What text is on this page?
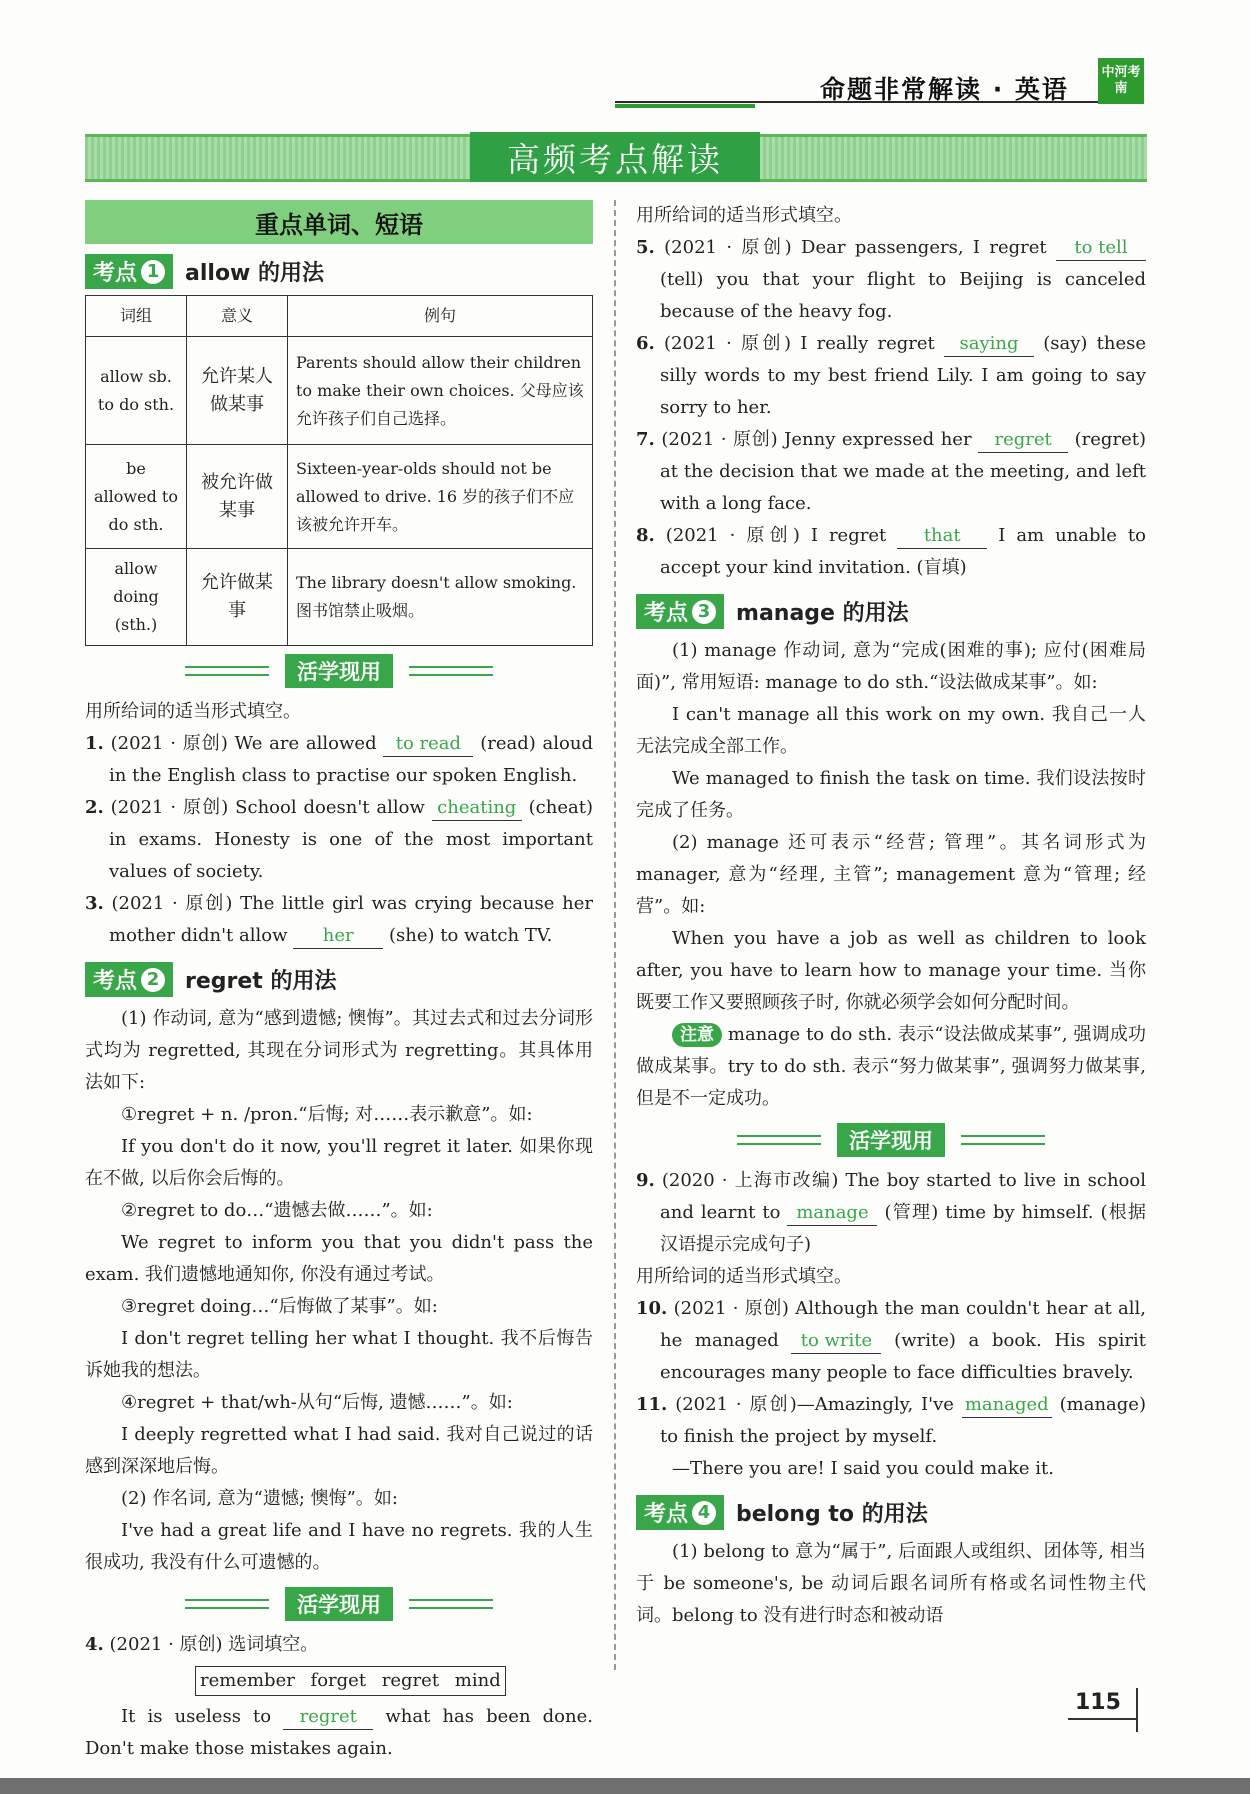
命题非常解读 · 英语
中河考南
高频考点解读
重点单词、短语
考点 1 allow 的用法
词组	意义	例句
allow sb. to do sth.	允许某人做某事	Parents should allow their children to make their own choices. 父母应该允许孩子们自己选择。
be allowed to do sth.	被允许做某事	Sixteen-year-olds should not be allowed to drive. 16 岁的孩子们不应该被允许开车。
allow doing (sth.)	允许做某事	The library doesn't allow smoking. 图书馆禁止吸烟。
活学现用

用所给词的适当形式填空。

1. (2021 · 原创) We are allowed to read (read) aloud in the English class to practise our spoken English.

2. (2021 · 原创) School doesn't allow cheating (cheat) in exams. Honesty is one of the most important values of society.

3. (2021 · 原创) The little girl was crying because her mother didn't allow her (she) to watch TV.

考点 2 regret 的用法

(1) 作动词, 意为“感到遗憾; 懊悔”。其过去式和过去分词形式均为 regretted, 其现在分词形式为 regretting。其具体用法如下:

①regret + n. /pron.“后悔; 对……表示歉意”。如:

If you don't do it now, you'll regret it later. 如果你现在不做, 以后你会后悔的。

②regret to do…“遗憾去做……”。如:

We regret to inform you that you didn't pass the exam. 我们遗憾地通知你, 你没有通过考试。

③regret doing…“后悔做了某事”。如:

I don't regret telling her what I thought. 我不后悔告诉她我的想法。

④regret + that/wh-从句“后悔, 遗憾……”。如:

I deeply regretted what I had said. 我对自己说过的话感到深深地后悔。

(2) 作名词, 意为“遗憾; 懊悔”。如:

I've had a great life and I have no regrets. 我的人生很成功, 我没有什么可遗憾的。

活学现用

4. (2021 · 原创) 选词填空。

remember forget regret mind

It is useless to regret what has been done. Don't make those mistakes again.

用所给词的适当形式填空。

5. (2021 · 原创) Dear passengers, I regret to tell (tell) you that your flight to Beijing is canceled because of the heavy fog.

6. (2021 · 原创) I really regret saying (say) these silly words to my best friend Lily. I am going to say sorry to her.

7. (2021 · 原创) Jenny expressed her regret (regret) at the decision that we made at the meeting, and left with a long face.

8. (2021 · 原创) I regret that I am unable to accept your kind invitation. (盲填)

考点 3 manage 的用法

(1) manage 作动词, 意为“完成(困难的事); 应付(困难局面)”, 常用短语: manage to do sth.“设法做成某事”。如:

I can't manage all this work on my own. 我自己一人无法完成全部工作。

We managed to finish the task on time. 我们设法按时完成了任务。

(2) manage 还可表示“经营; 管理”。其名词形式为 manager, 意为“经理, 主管”; management 意为“管理; 经营”。如:

When you have a job as well as children to look after, you have to learn how to manage your time. 当你既要工作又要照顾孩子时, 你就必须学会如何分配时间。

注意 manage to do sth. 表示“设法做成某事”, 强调成功做成某事。try to do sth. 表示“努力做某事”, 强调努力做某事, 但是不一定成功。

活学现用

9. (2020 · 上海市改编) The boy started to live in school and learnt to manage (管理) time by himself. (根据汉语提示完成句子)

用所给词的适当形式填空。

10. (2021 · 原创) Although the man couldn't hear at all, he managed to write (write) a book. His spirit encourages many people to face difficulties bravely.

11. (2021 · 原创)—Amazingly, I've managed (manage) to finish the project by myself.

—There you are! I said you could make it.

考点 4 belong to 的用法

(1) belong to 意为“属于”, 后面跟人或组织、团体等, 相当于 be someone's, be 动词后跟名词所有格或名词性物主代词。belong to 没有进行时态和被动语

115
